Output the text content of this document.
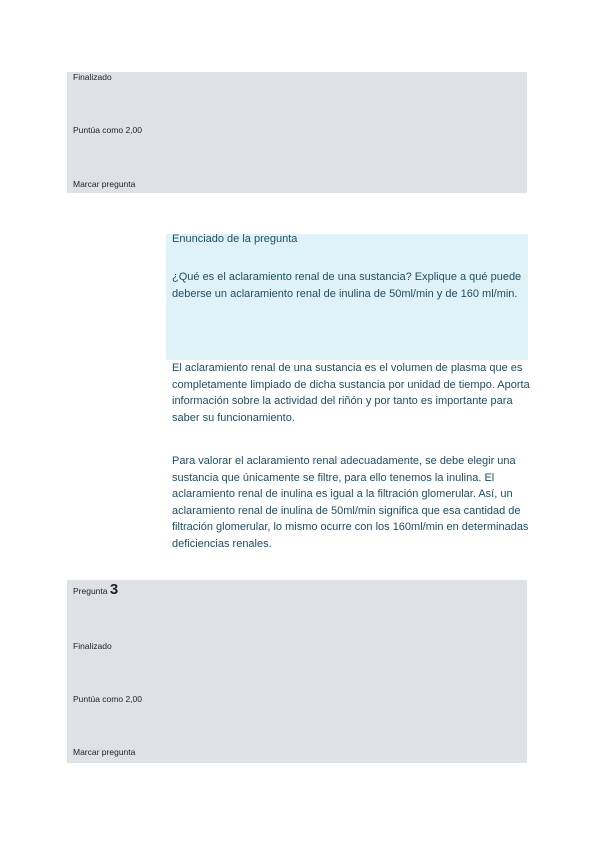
Finalizado
Puntúa como 2,00
Marcar pregunta
Enunciado de la pregunta
¿Qué es el aclaramiento renal de una sustancia? Explique a qué puede deberse un aclaramiento renal de inulina de 50ml/min y de 160 ml/min.
El aclaramiento renal de una sustancia es el volumen de plasma que es completamente limpiado de dicha sustancia por unidad de tiempo. Aporta información sobre la actividad del riñón y por tanto es importante para saber su funcionamiento.
Para valorar el aclaramiento renal adecuadamente, se debe elegir una sustancia que únicamente se filtre, para ello tenemos la inulina. El aclaramiento renal de inulina es igual a la filtración glomerular. Así, un aclaramiento renal de inulina de 50ml/min significa que esa cantidad de filtración glomerular, lo mismo ocurre con los 160ml/min en determinadas deficiencias renales.
Pregunta 3
Finalizado
Puntúa como 2,00
Marcar pregunta
